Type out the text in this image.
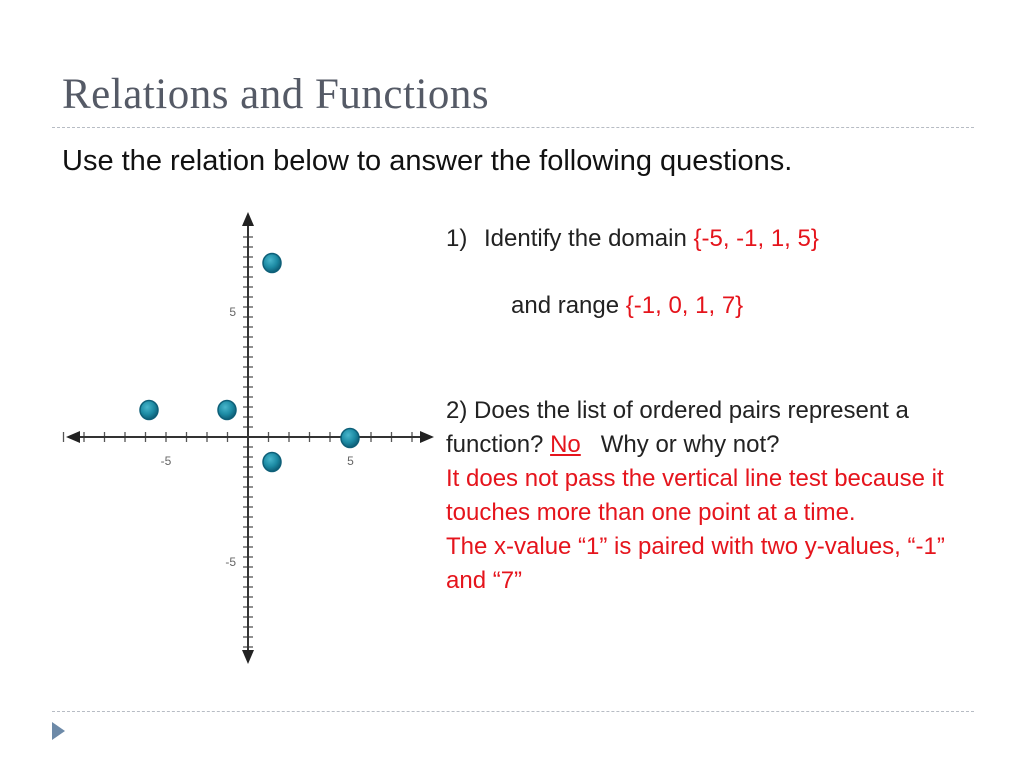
Relations and Functions
Use the relation below to answer the following questions.
-5	5
5
-5
1) Identify the domain {-5, -1, 1, 5}
and range {-1, 0, 1, 7}
2) Does the list of ordered pairs represent a function? No Why or why not?
It does not pass the vertical line test because it touches more than one point at a time.
The x-value “1” is paired with two y-values, “-1” and “7”
